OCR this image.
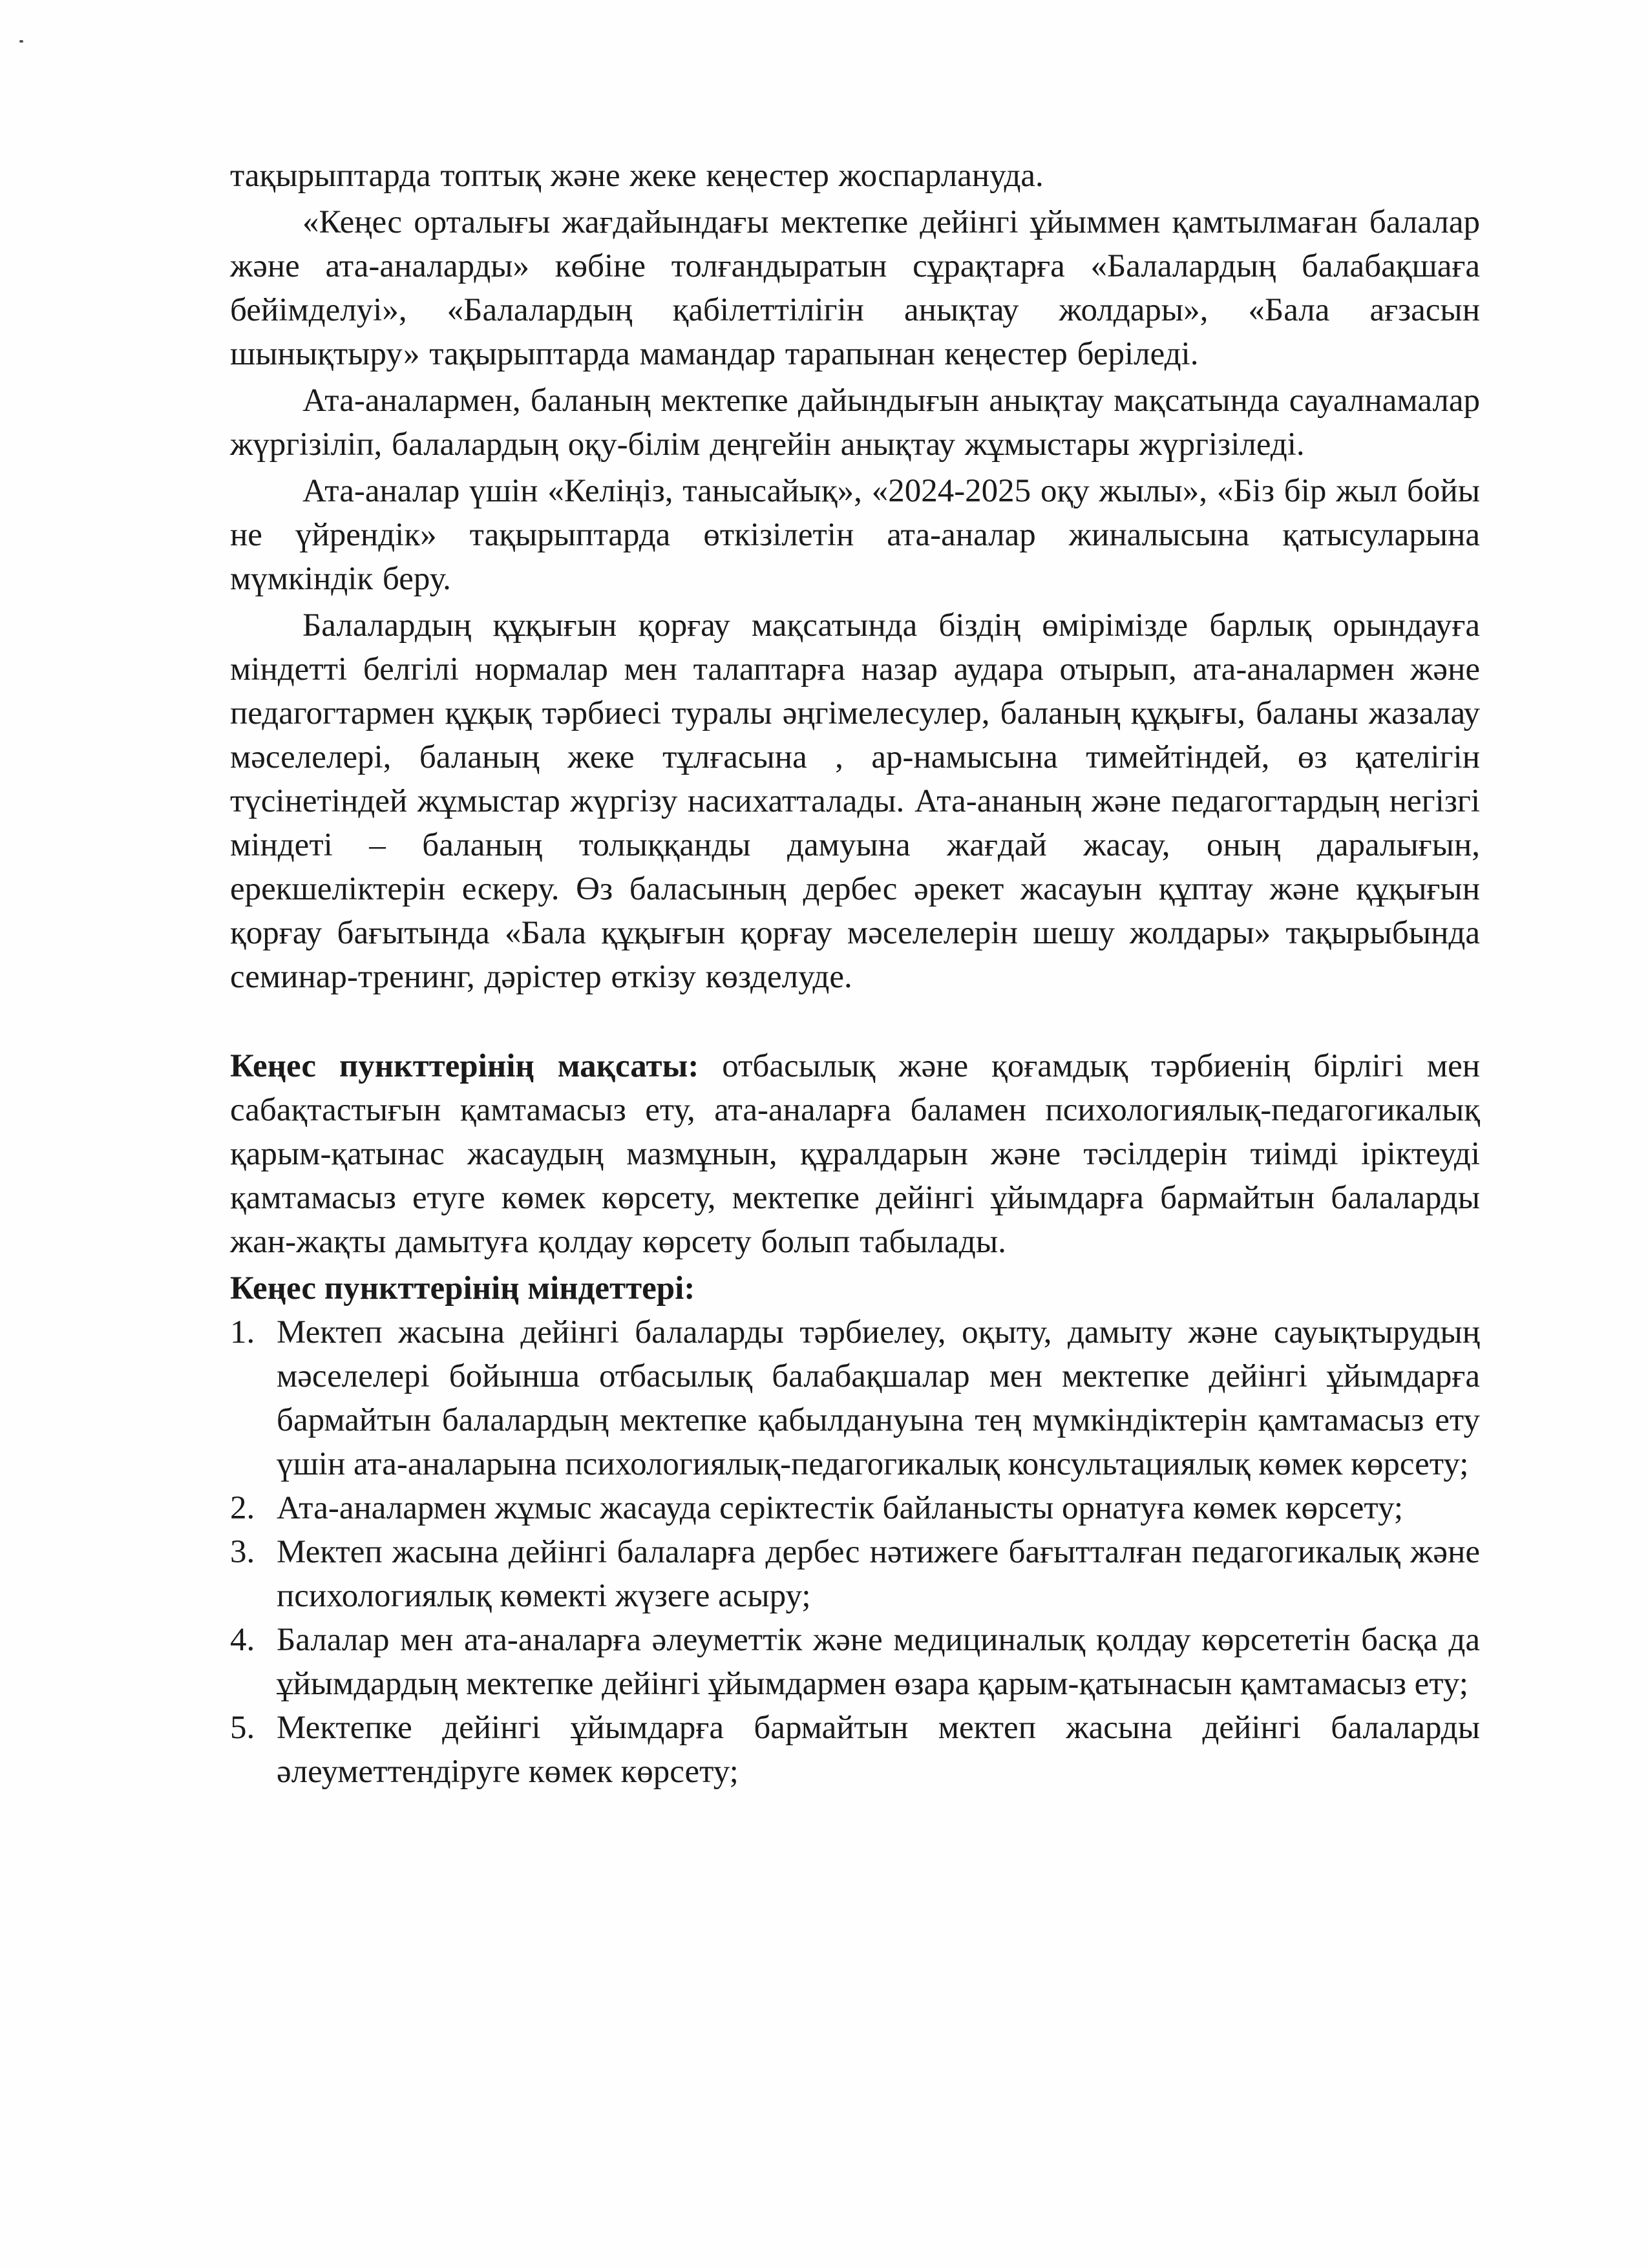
тақырыптарда топтық және жеке кеңестер жоспарлануда.

«Кеңес орталығы жағдайындағы мектепке дейінгі ұйыммен қамтылмаған балалар және ата-аналарды» көбіне толғандыратын сұрақтарға «Балалардың балабақшаға бейімделуі», «Балалардың қабілеттілігін анықтау жолдары», «Бала ағзасын шынықтыру» тақырыптарда мамандар тарапынан кеңестер беріледі.

Ата-аналармен, баланың мектепке дайындығын анықтау мақсатында сауалнамалар жүргізіліп, балалардың оқу-білім деңгейін анықтау жұмыстары жүргізіледі.

Ата-аналар үшін «Келіңіз, танысайық», «2024-2025 оқу жылы», «Біз бір жыл бойы не үйрендік» тақырыптарда өткізілетін ата-аналар жиналысына қатысуларына мүмкіндік беру.

Балалардың құқығын қорғау мақсатында біздің өмірімізде барлық орындауға міндетті белгілі нормалар мен талаптарға назар аудара отырып, ата-аналармен және педагогтармен құқық тәрбиесі туралы әңгімелесулер, баланың құқығы, баланы жазалау мәселелері, баланың жеке тұлғасына , ар-намысына тимейтіндей, өз қателігін түсінетіндей жұмыстар жүргізу насихатталады. Ата-ананың және педагогтардың негізгі міндеті – баланың толыққанды дамуына жағдай жасау, оның даралығын, ерекшеліктерін ескеру. Өз баласының дербес әрекет жасауын құптау және құқығын қорғау бағытында «Бала құқығын қорғау мәселелерін шешу жолдары» тақырыбында семинар-тренинг, дәрістер өткізу көзделуде.

Кеңес пункттерінің мақсаты: отбасылық және қоғамдық тәрбиенің бірлігі мен сабақтастығын қамтамасыз ету, ата-аналарға баламен психологиялық-педагогикалық қарым-қатынас жасаудың мазмұнын, құралдарын және тәсілдерін тиімді іріктеуді қамтамасыз етуге көмек көрсету, мектепке дейінгі ұйымдарға бармайтын балаларды жан-жақты дамытуға қолдау көрсету болып табылады.

Кеңес пункттерінің міндеттері:

1. Мектеп жасына дейінгі балаларды тәрбиелеу, оқыту, дамыту және сауықтырудың мәселелері бойынша отбасылық балабақшалар мен мектепке дейінгі ұйымдарға бармайтын балалардың мектепке қабылдануына тең мүмкіндіктерін қамтамасыз ету үшін ата-аналарына психологиялық-педагогикалық консультациялық көмек көрсету;
2. Ата-аналармен жұмыс жасауда серіктестік байланысты орнатуға көмек көрсету;
3. Мектеп жасына дейінгі балаларға дербес нәтижеге бағытталған педагогикалық және психологиялық көмекті жүзеге асыру;
4. Балалар мен ата-аналарға әлеуметтік және медициналық қолдау көрсететін басқа да ұйымдардың мектепке дейінгі ұйымдармен өзара қарым-қатынасын қамтамасыз ету;
5. Мектепке дейінгі ұйымдарға бармайтын мектеп жасына дейінгі балаларды әлеуметтендіруге көмек көрсету;
